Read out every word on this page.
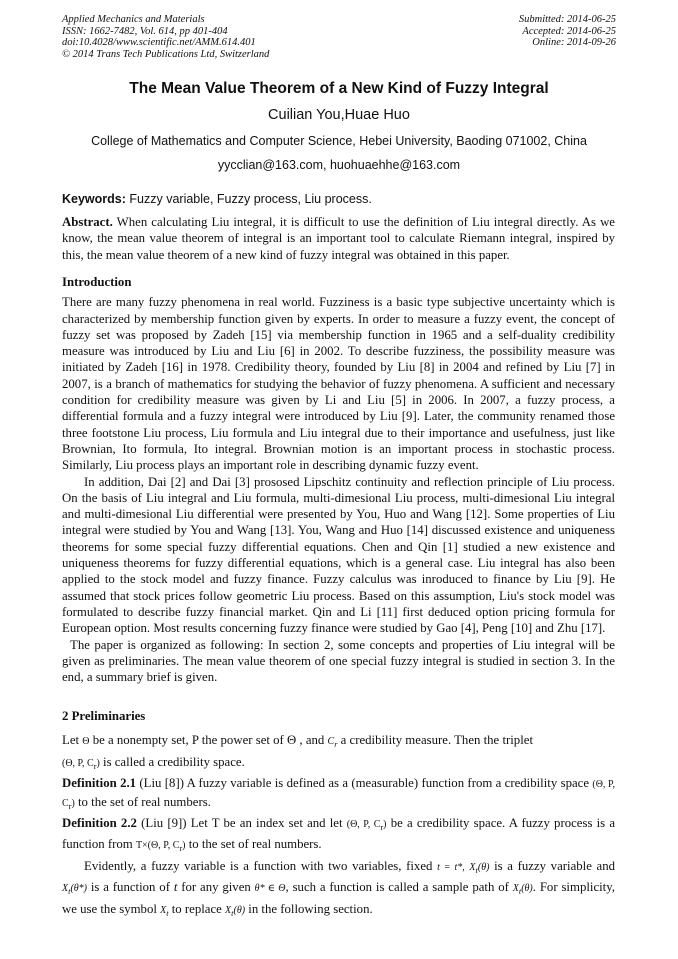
Applied Mechanics and Materials
ISSN: 1662-7482, Vol. 614, pp 401-404
doi:10.4028/www.scientific.net/AMM.614.401
© 2014 Trans Tech Publications Ltd, Switzerland
Submitted: 2014-06-25
Accepted: 2014-06-25
Online: 2014-09-26
The Mean Value Theorem of a New Kind of Fuzzy Integral
Cuilian You,Huae Huo
College of Mathematics and Computer Science, Hebei University, Baoding 071002, China
yycclian@163.com, huohuaehhe@163.com
Keywords: Fuzzy variable, Fuzzy process, Liu process.

Abstract. When calculating Liu integral, it is difficult to use the definition of Liu integral directly. As we know, the mean value theorem of integral is an important tool to calculate Riemann integral, inspired by this, the mean value theorem of a new kind of fuzzy integral was obtained in this paper.

Introduction

There are many fuzzy phenomena in real world. Fuzziness is a basic type subjective uncertainty which is characterized by membership function given by experts. In order to measure a fuzzy event, the concept of fuzzy set was proposed by Zadeh [15] via membership function in 1965 and a self-duality credibility measure was introduced by Liu and Liu [6] in 2002. To describe fuzziness, the possibility measure was initiated by Zadeh [16] in 1978. Credibility theory, founded by Liu [8] in 2004 and refined by Liu [7] in 2007, is a branch of mathematics for studying the behavior of fuzzy phenomena. A sufficient and necessary condition for credibility measure was given by Li and Liu [5] in 2006. In 2007, a fuzzy process, a differential formula and a fuzzy integral were introduced by Liu [9]. Later, the community renamed those three footstone Liu process, Liu formula and Liu integral due to their importance and usefulness, just like Brownian, Ito formula, Ito integral. Brownian motion is an important process in stochastic process. Similarly, Liu process plays an important role in describing dynamic fuzzy event.

In addition, Dai [2] and Dai [3] prososed Lipschitz continuity and reflection principle of Liu process. On the basis of Liu integral and Liu formula, multi-dimesional Liu process, multi-dimesional Liu integral and multi-dimesional Liu differential were presented by You, Huo and Wang [12]. Some properties of Liu integral were studied by You and Wang [13]. You, Wang and Huo [14] discussed existence and uniqueness theorems for some special fuzzy differential equations. Chen and Qin [1] studied a new existence and uniqueness theorems for fuzzy differential equations, which is a general case. Liu integral has also been applied to the stock model and fuzzy finance. Fuzzy calculus was inroduced to finance by Liu [9]. He assumed that stock prices follow geometric Liu process. Based on this assumption, Liu's stock model was formulated to describe fuzzy financial market. Qin and Li [11] first deduced option pricing formula for European option. Most results concerning fuzzy finance were studied by Gao [4], Peng [10] and Zhu [17].

The paper is organized as following: In section 2, some concepts and properties of Liu integral will be given as preliminaries. The mean value theorem of one special fuzzy integral is studied in section 3. In the end, a summary brief is given.

2 Preliminaries

Let Θ be a nonempty set, P the power set of Θ , and $C_r$ a credibility measure. Then the triplet

(Θ, P, $C_r$) is called a credibility space.

Definition 2.1 (Liu [8]) A fuzzy variable is defined as a (measurable) function from a credibility space (Θ, P, $C_r$) to the set of real numbers.

Definition 2.2 (Liu [9]) Let T be an index set and let (Θ, P, $C_r$) be a credibility space. A fuzzy process is a function from T×(Θ, P, $C_r$) to the set of real numbers.

Evidently, a fuzzy variable is a function with two variables, fixed t = t*, $X_t(\theta)$ is a fuzzy variable and $X_t(\theta*)$ is a function of t for any given θ* ∈ Θ, such a function is called a sample path of $X_t(\theta)$. For simplicity, we use the symbol $X_t$ to replace $X_t(\theta)$ in the following section.
